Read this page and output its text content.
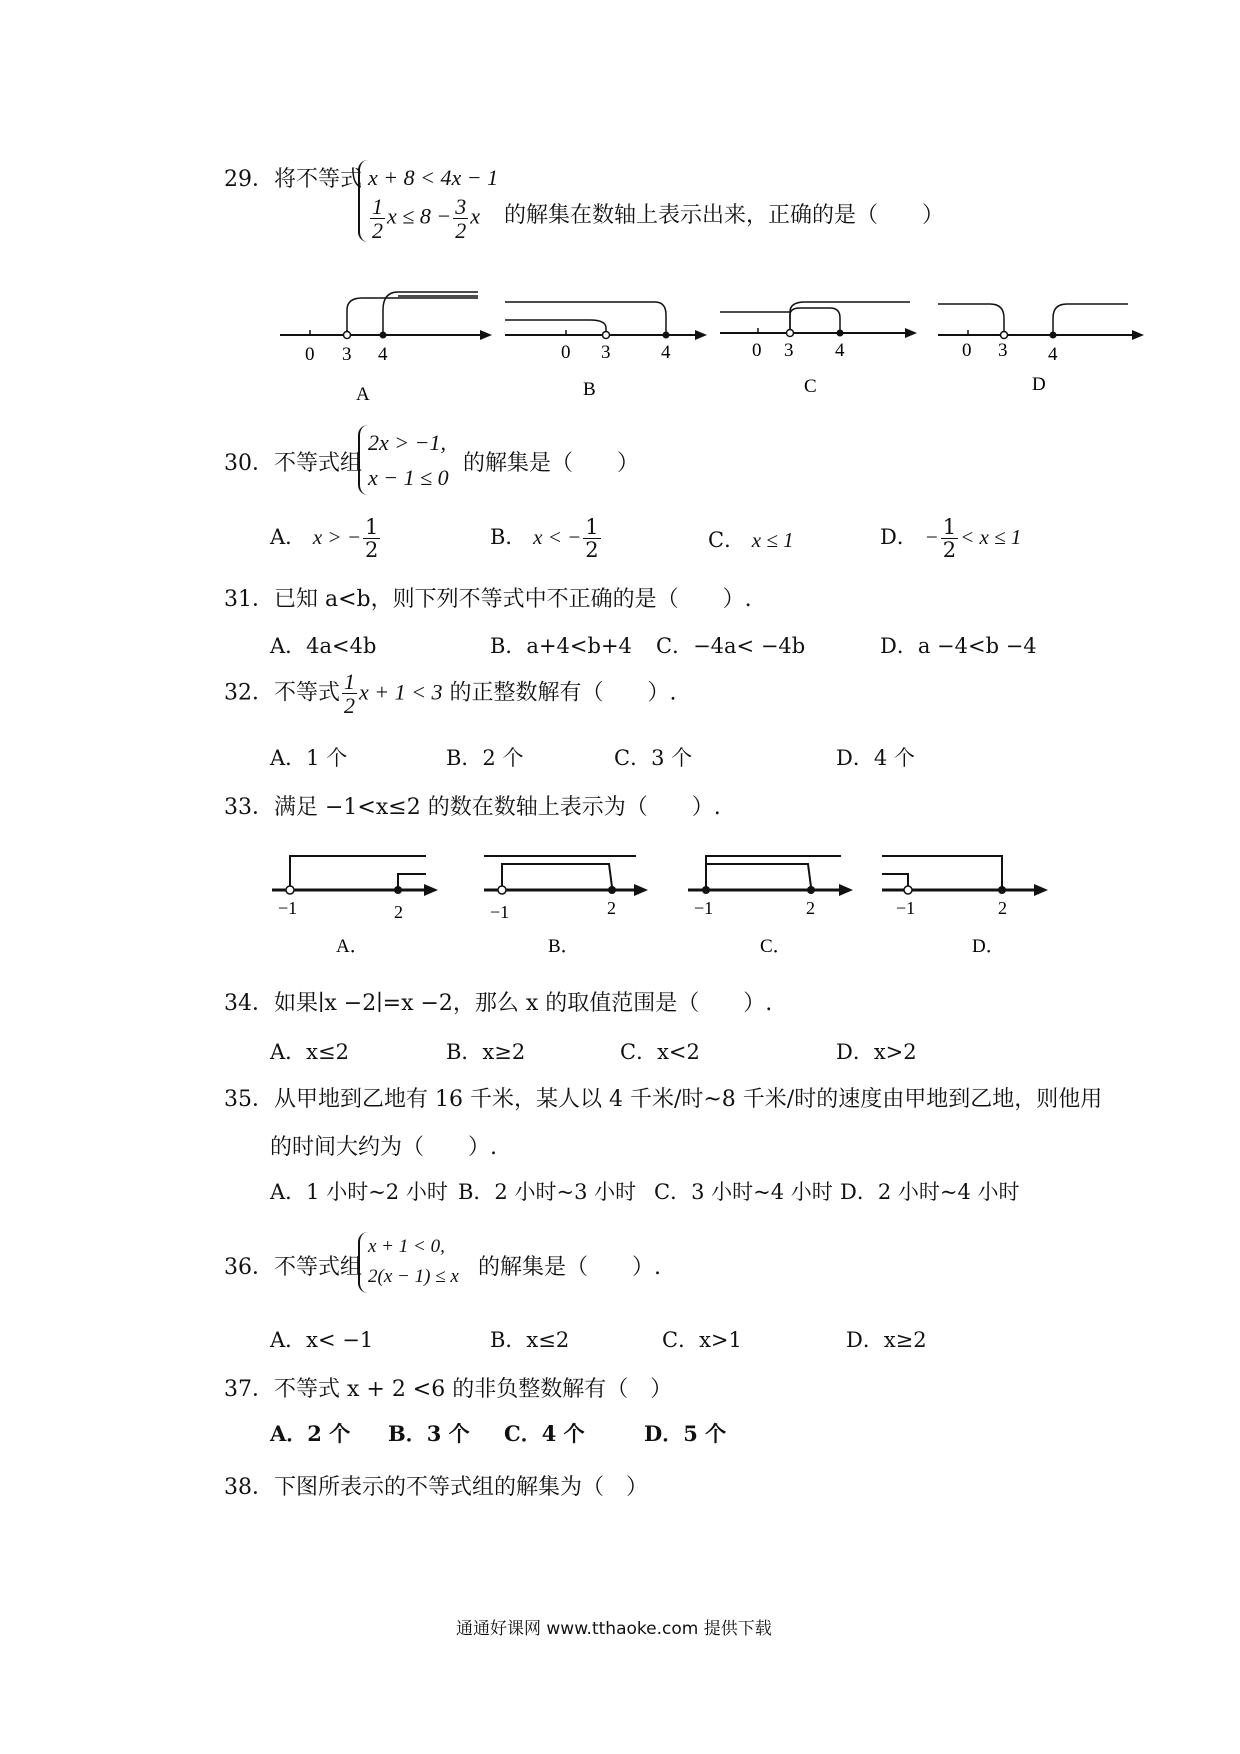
29．将不等式 x + 8 < 4x − 1
$\frac{1}{2}$ $x \le 8 - \frac{3}{2}$ x	的解集在数轴上表示出来，正确的是（　　）
0 3 4
A
0 3	4
B
0 3 4
C
0 3 4
D
30．不等式组
2x > −1,
x − 1 ≤ 0
的解集是（　　）
A． x > − $\frac{1}{2}$	B． x < − $\frac{1}{2}$	C． x ≤ 1	D． − $\frac{1}{2} < x \le 1$
31．已知 a<b，则下列不等式中不正确的是（　　）.
A．4a<4b	B．a+4<b+4 C．−4a< −4b	D．a −4<b −4
32．不等式 $\frac{1}{2}$ x + 1 < 3 的正整数解有（　　）.
A．1 个	B．2 个	C．3 个	D．4 个
33．满足 −1<x≤2 的数在数轴上表示为（　　）.
−1	2
A．
−1	2
B．
−1	2
C．
−1	2
D．
34．如果∣x −2∣=x −2，那么 x 的取值范围是（　　）.
A．x≤2	B．x≥2	C．x<2	D．x>2
35．从甲地到乙地有 16 千米，某人以 4 千米/时~8 千米/时的速度由甲地到乙地，则他用
的时间大约为（　　）.
A．1 小时~2 小时 B．2 小时~3 小时 C．3 小时~4 小时 D．2 小时~4 小时
36．不等式组
x + 1 < 0,
2(x − 1) ≤ x 的解集是（　　）.
A．x< −1	B．x≤2	C．x>1	D．x≥2
37．不等式 x + 2 <6 的非负整数解有（　）
A．2 个 B．3 个 C．4 个	D．5 个
38．下图所表示的不等式组的解集为（　）
通通好课网 www.tthaoke.com 提供下载
